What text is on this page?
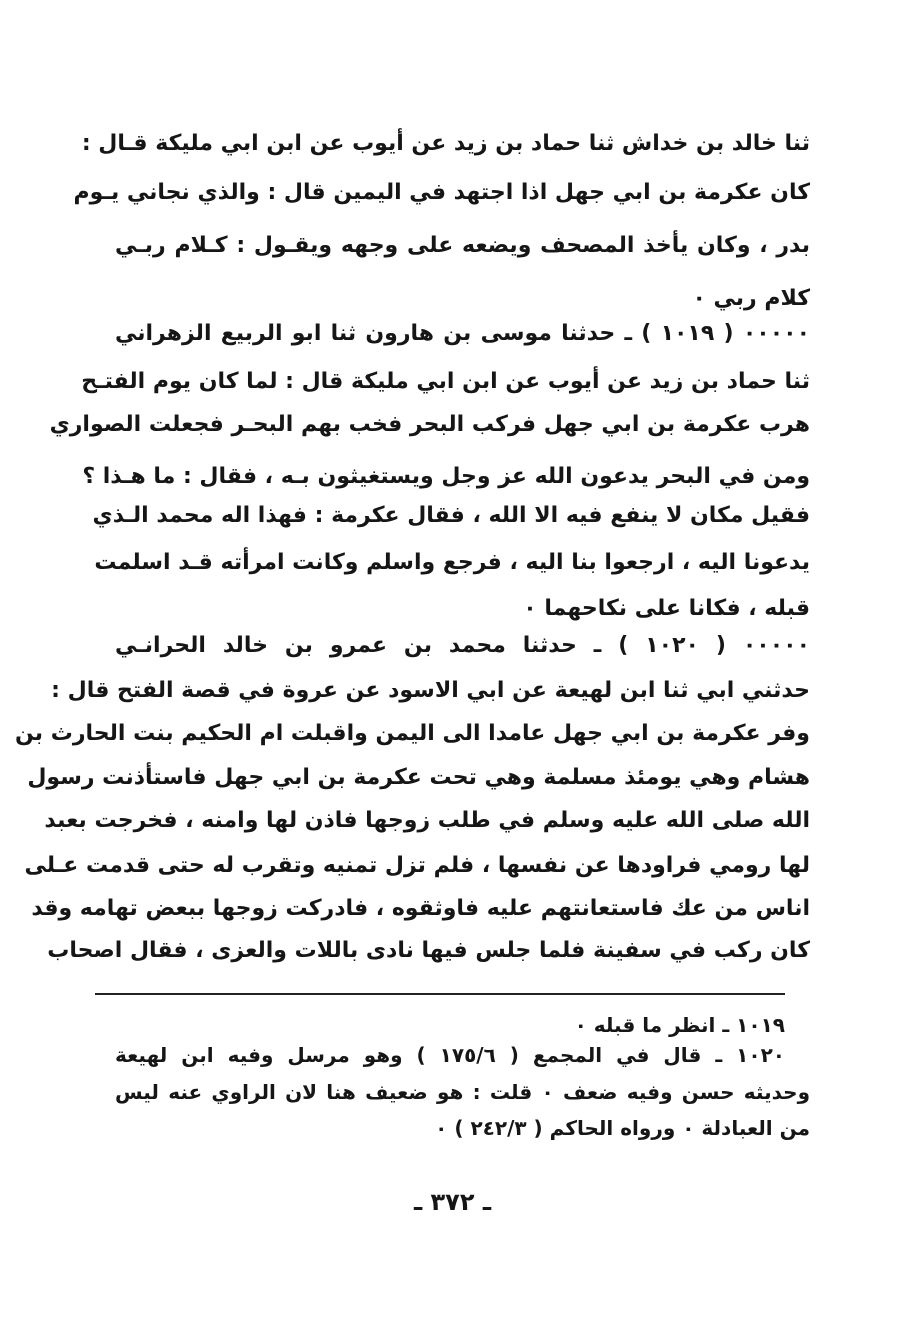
ثنا خالد بن خداش ثنا حماد بن زيد عن أيوب عن ابن ابي مليكة قـال :
كان عكرمة بن ابي جهل اذا اجتهد في اليمين قال : والذي نجاني يـوم
بدر ، وكان يأخذ المصحف ويضعه على وجهه ويقـول : كـلام ربـي
كلام ربي ٠
٠٠٠٠٠ ( ١٠١٩ ) ـ حدثنا موسى بن هارون ثنا ابو الربيع الزهراني
ثنا حماد بن زيد عن أيوب عن ابن ابي مليكة قال : لما كان يوم الفتـح
هرب عكرمة بن ابي جهل فركب البحر فخب بهم البحـر فجعلت الصواري
ومن في البحر يدعون الله عز وجل ويستغيثون بـه ، فقال : ما هـذا ؟
فقيل مكان لا ينفع فيه الا الله ، فقال عكرمة : فهذا اله محمد الـذي
يدعونا اليه ، ارجعوا بنا اليه ، فرجع واسلم وكانت امرأته قـد اسلمت
قبله ، فكانا على نكاحهما ٠
٠٠٠٠٠ ( ١٠٢٠ ) ـ حدثنا محمد بن عمرو بن خالد الحرانـي
حدثني ابي ثنا ابن لهيعة عن ابي الاسود عن عروة في قصة الفتح قال :
وفر عكرمة بن ابي جهل عامدا الى اليمن واقبلت ام الحكيم بنت الحارث بن
هشام وهي يومئذ مسلمة وهي تحت عكرمة بن ابي جهل فاستأذنت رسول
الله صلى الله عليه وسلم في طلب زوجها فاذن لها وامنه ، فخرجت بعبد
لها رومي فراودها عن نفسها ، فلم تزل تمنيه وتقرب له حتى قدمت عـلى
اناس من عك فاستعانتهم عليه فاوثقوه ، فادركت زوجها ببعض تهامه وقد
كان ركب في سفينة فلما جلس فيها نادى باللات والعزى ، فقال اصحاب
١٠١٩ ـ انظر ما قبله ٠
١٠٢٠ ـ قال في المجمع ( ١٧٥/٦ ) وهو مرسل وفيه ابن لهيعة
وحديثه حسن وفيه ضعف ٠ قلت : هو ضعيف هنا لان الراوي عنه ليس
من العبادلة ٠ ورواه الحاكم ( ٢٤٢/٣ ) ٠
ـ ٣٧٢ ـ
